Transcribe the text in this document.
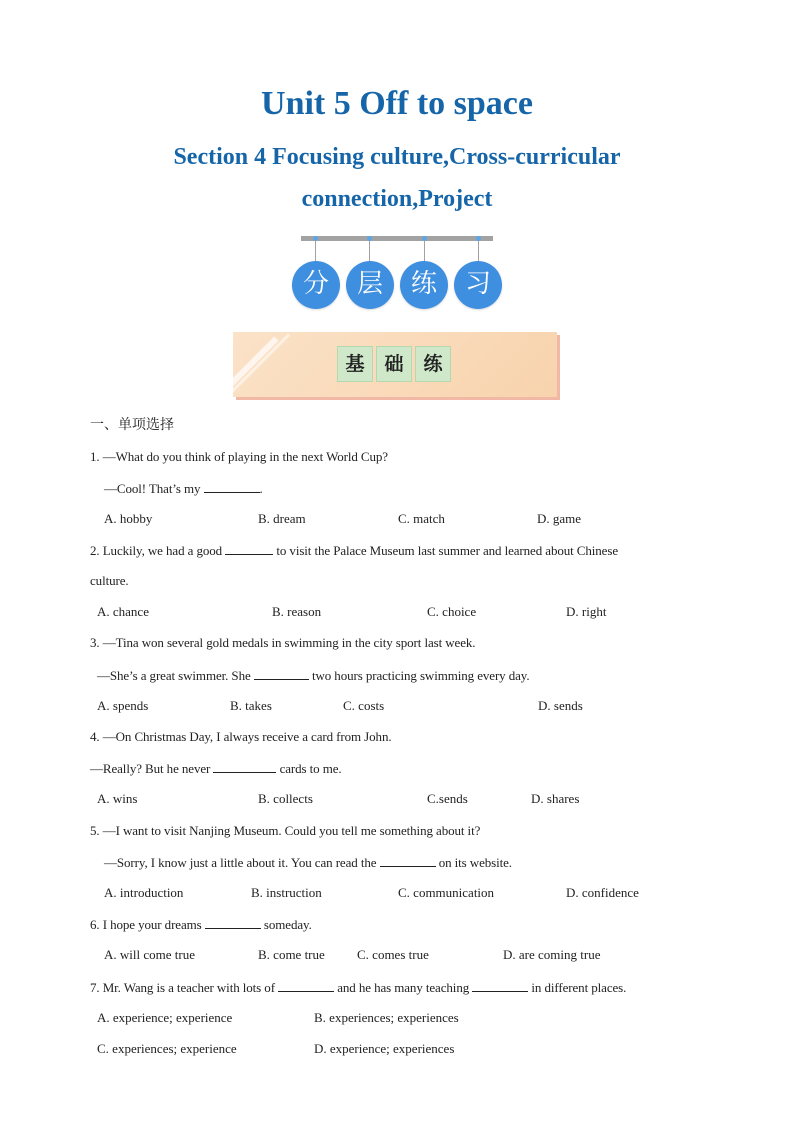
Unit 5 Off to space
Section 4 Focusing culture,Cross-curricular
connection,Project
分	层	练	习
基	础	练
一、单项选择
1. —What do you think of playing in the next World Cup?
—Cool! That’s my	.
A. hobby	B. dream	C. match	D. game
2. Luckily, we had a good	to visit the Palace Museum last summer and learned about Chinese
culture.
A. chance	B. reason	C. choice	D. right
3. —Tina won several gold medals in swimming in the city sport last week.
—She’s a great swimmer. She	two hours practicing swimming every day.
A. spends	B. takes	C. costs	D. sends
4. —On Christmas Day, I always receive a card from John.
—Really? But he never	cards to me.
A. wins	B. collects	C.sends	D. shares
5. —I want to visit Nanjing Museum. Could you tell me something about it?
—Sorry, I know just a little about it. You can read the	on its website.
A. introduction	B. instruction	C. communication	D. confidence
6. I hope your dreams	someday.
A. will come true	B. come true C. comes true	D. are coming true
7. Mr. Wang is a teacher with lots of	and he has many teaching	in different places.
A. experience; experience	B. experiences; experiences
C. experiences; experience	D. experience; experiences
